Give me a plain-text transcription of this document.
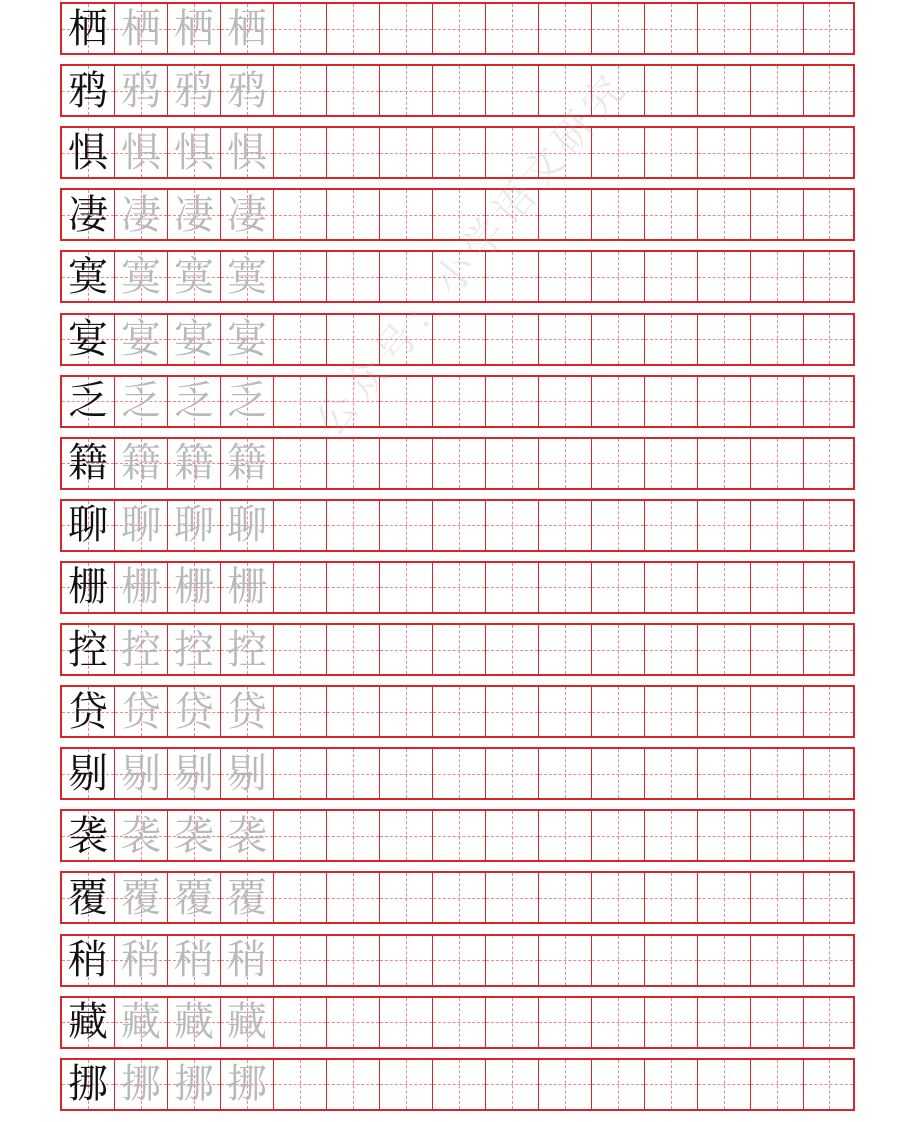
栖 栖 栖 栖
鸦 鸦 鸦 鸦
惧 惧 惧 惧
凄 凄 凄 凄
寞 寞 寞 寞
宴 宴 宴 宴
乏 乏 乏 乏
籍 籍 籍 籍
聊 聊 聊 聊
栅 栅 栅 栅
控 控 控 控
贷 贷 贷 贷
剔 剔 剔 剔
袭 袭 袭 袭
覆 覆 覆 覆
稍 稍 稍 稍
藏 藏 藏 藏
挪 挪 挪 挪
公众号：小学语文研究
